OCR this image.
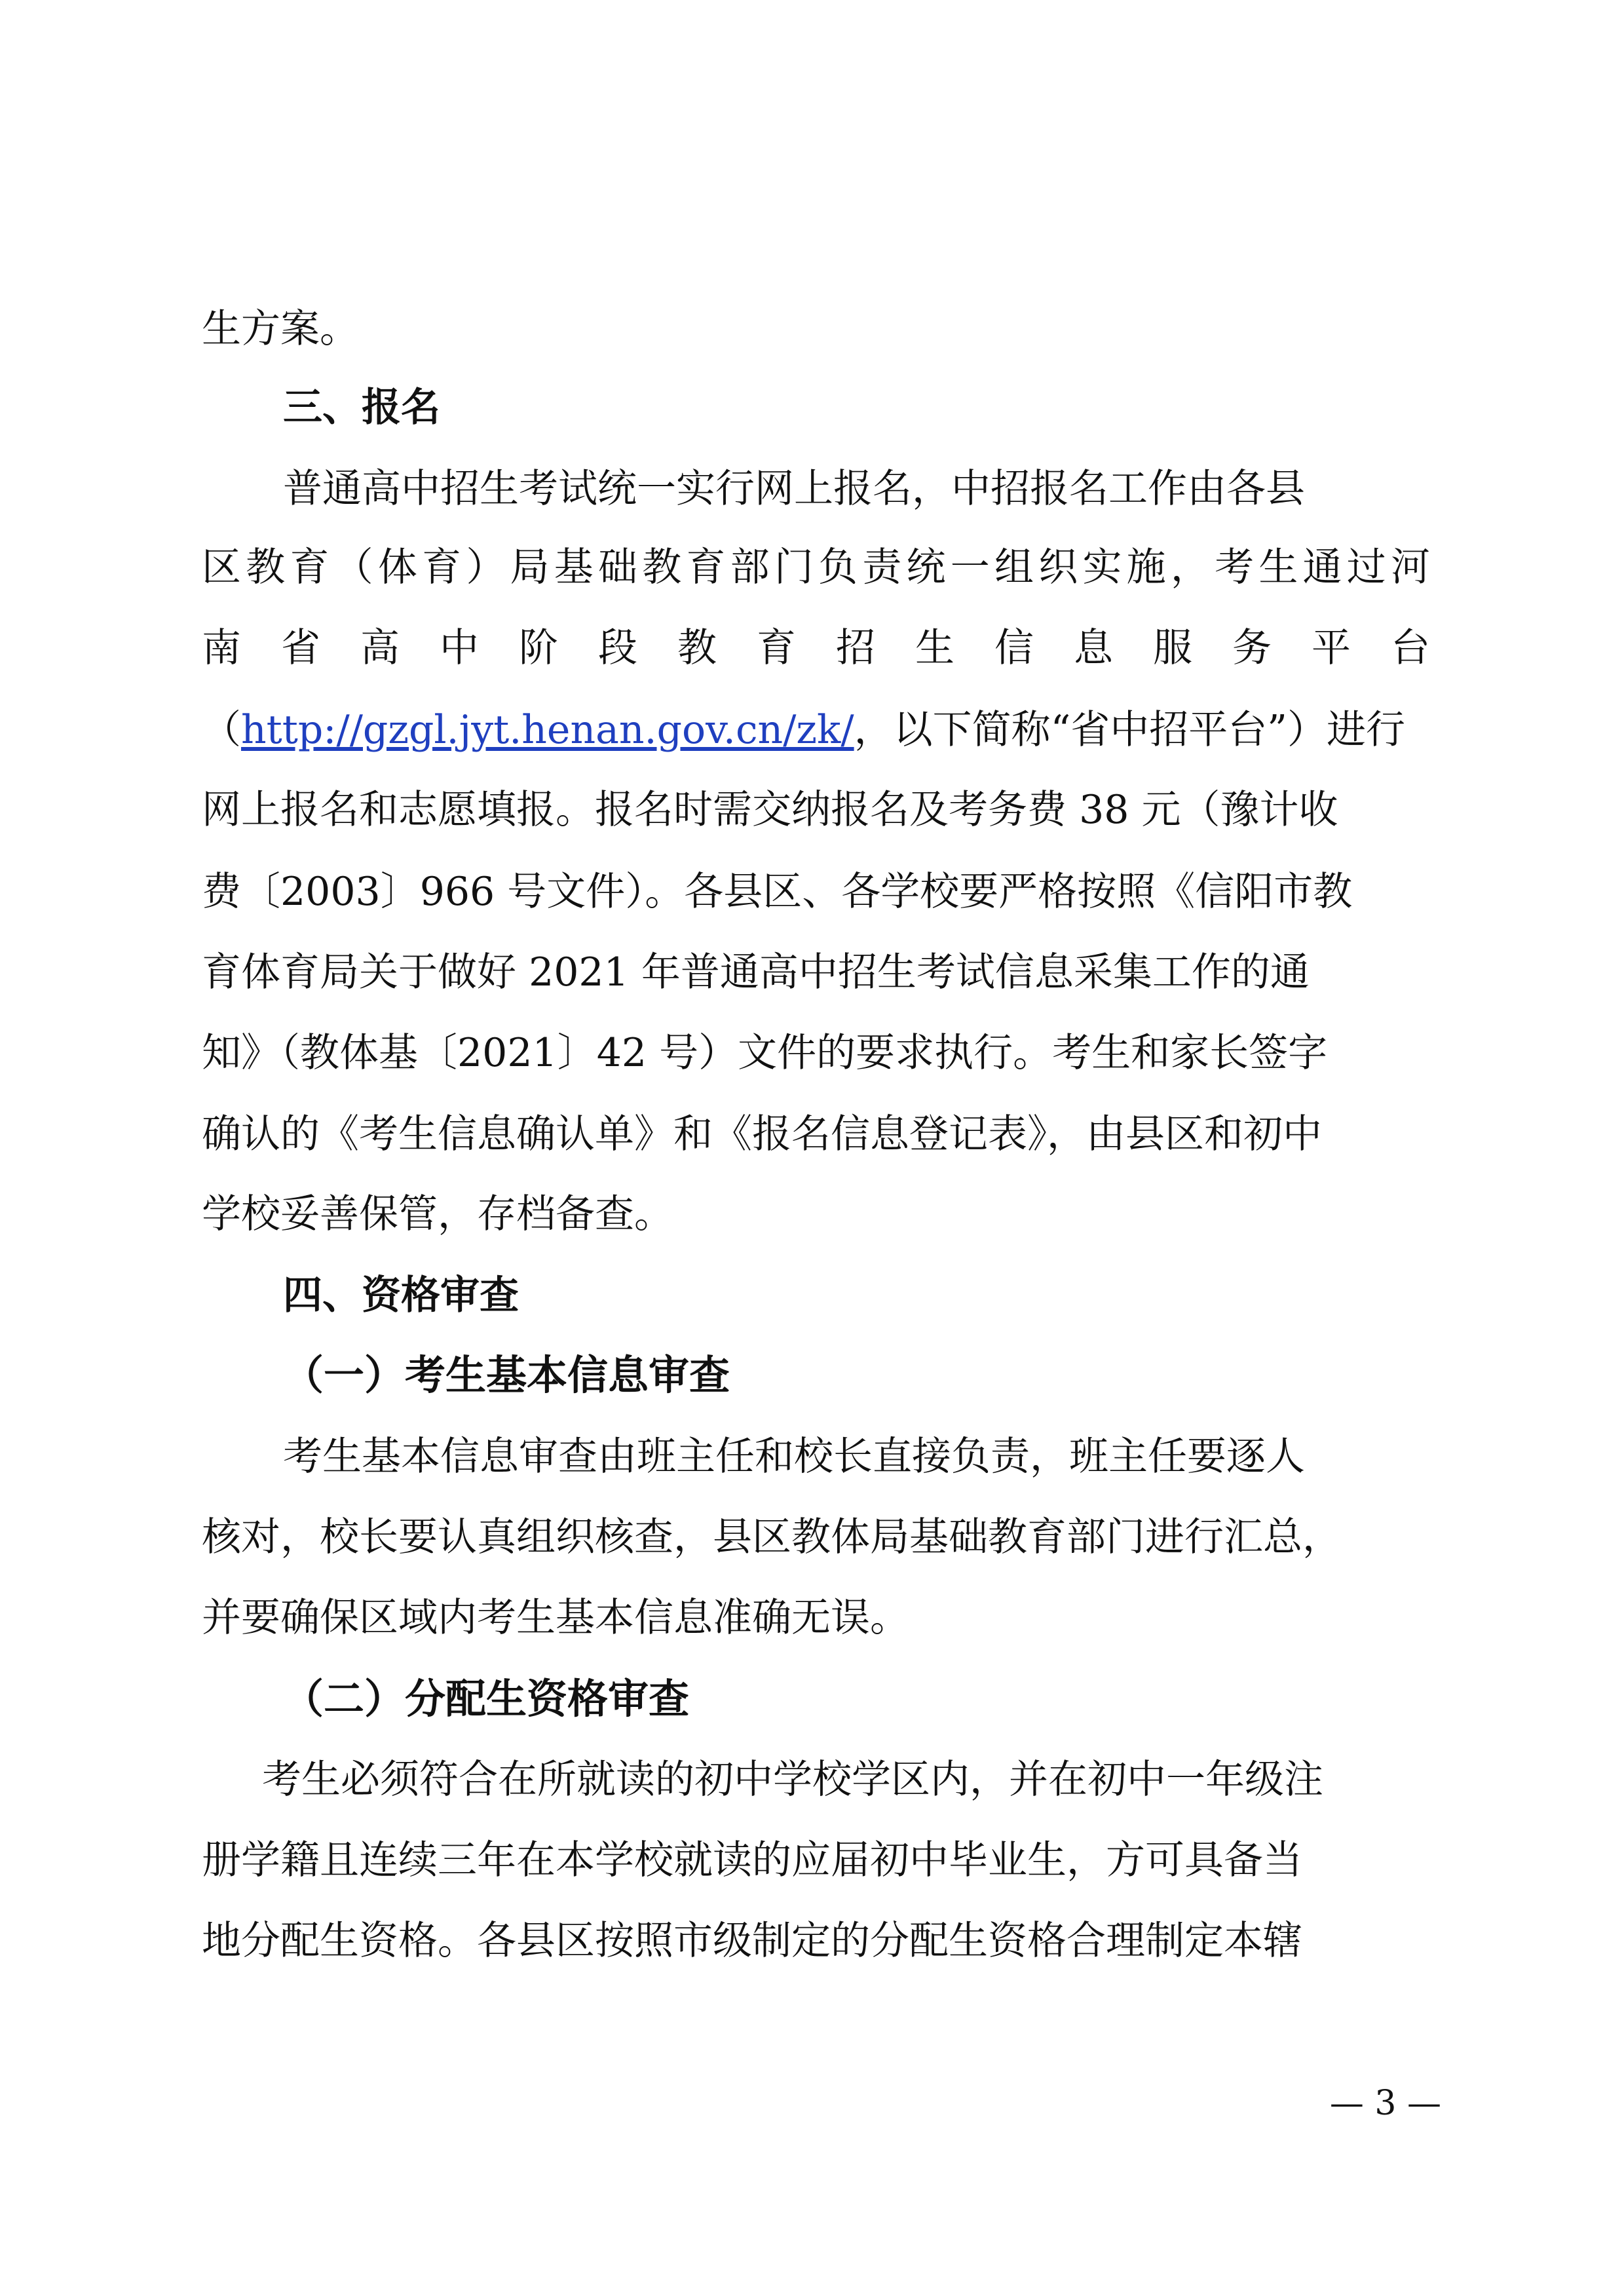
生方案。
三、报名
普通高中招生考试统一实行网上报名，中招报名工作由各县
区教育（体育）局基础教育部门负责统一组织实施，考生通过河
南省高中阶段教育招生信息服务平台
（http://gzgl.jyt.henan.gov.cn/zk/，以下简称“省中招平台”）进行
网上报名和志愿填报。报名时需交纳报名及考务费 38 元（豫计收
费〔2003〕966 号文件）。各县区、各学校要严格按照《信阳市教
育体育局关于做好 2021 年普通高中招生考试信息采集工作的通
知》（教体基〔2021〕42 号）文件的要求执行。考生和家长签字
确认的《考生信息确认单》和《报名信息登记表》，由县区和初中
学校妥善保管，存档备查。
四、资格审查
（一）考生基本信息审查
考生基本信息审查由班主任和校长直接负责，班主任要逐人
核对，校长要认真组织核查，县区教体局基础教育部门进行汇总，
并要确保区域内考生基本信息准确无误。
（二）分配生资格审查
考生必须符合在所就读的初中学校学区内，并在初中一年级注
册学籍且连续三年在本学校就读的应届初中毕业生，方可具备当
地分配生资格。各县区按照市级制定的分配生资格合理制定本辖
— 3 —
